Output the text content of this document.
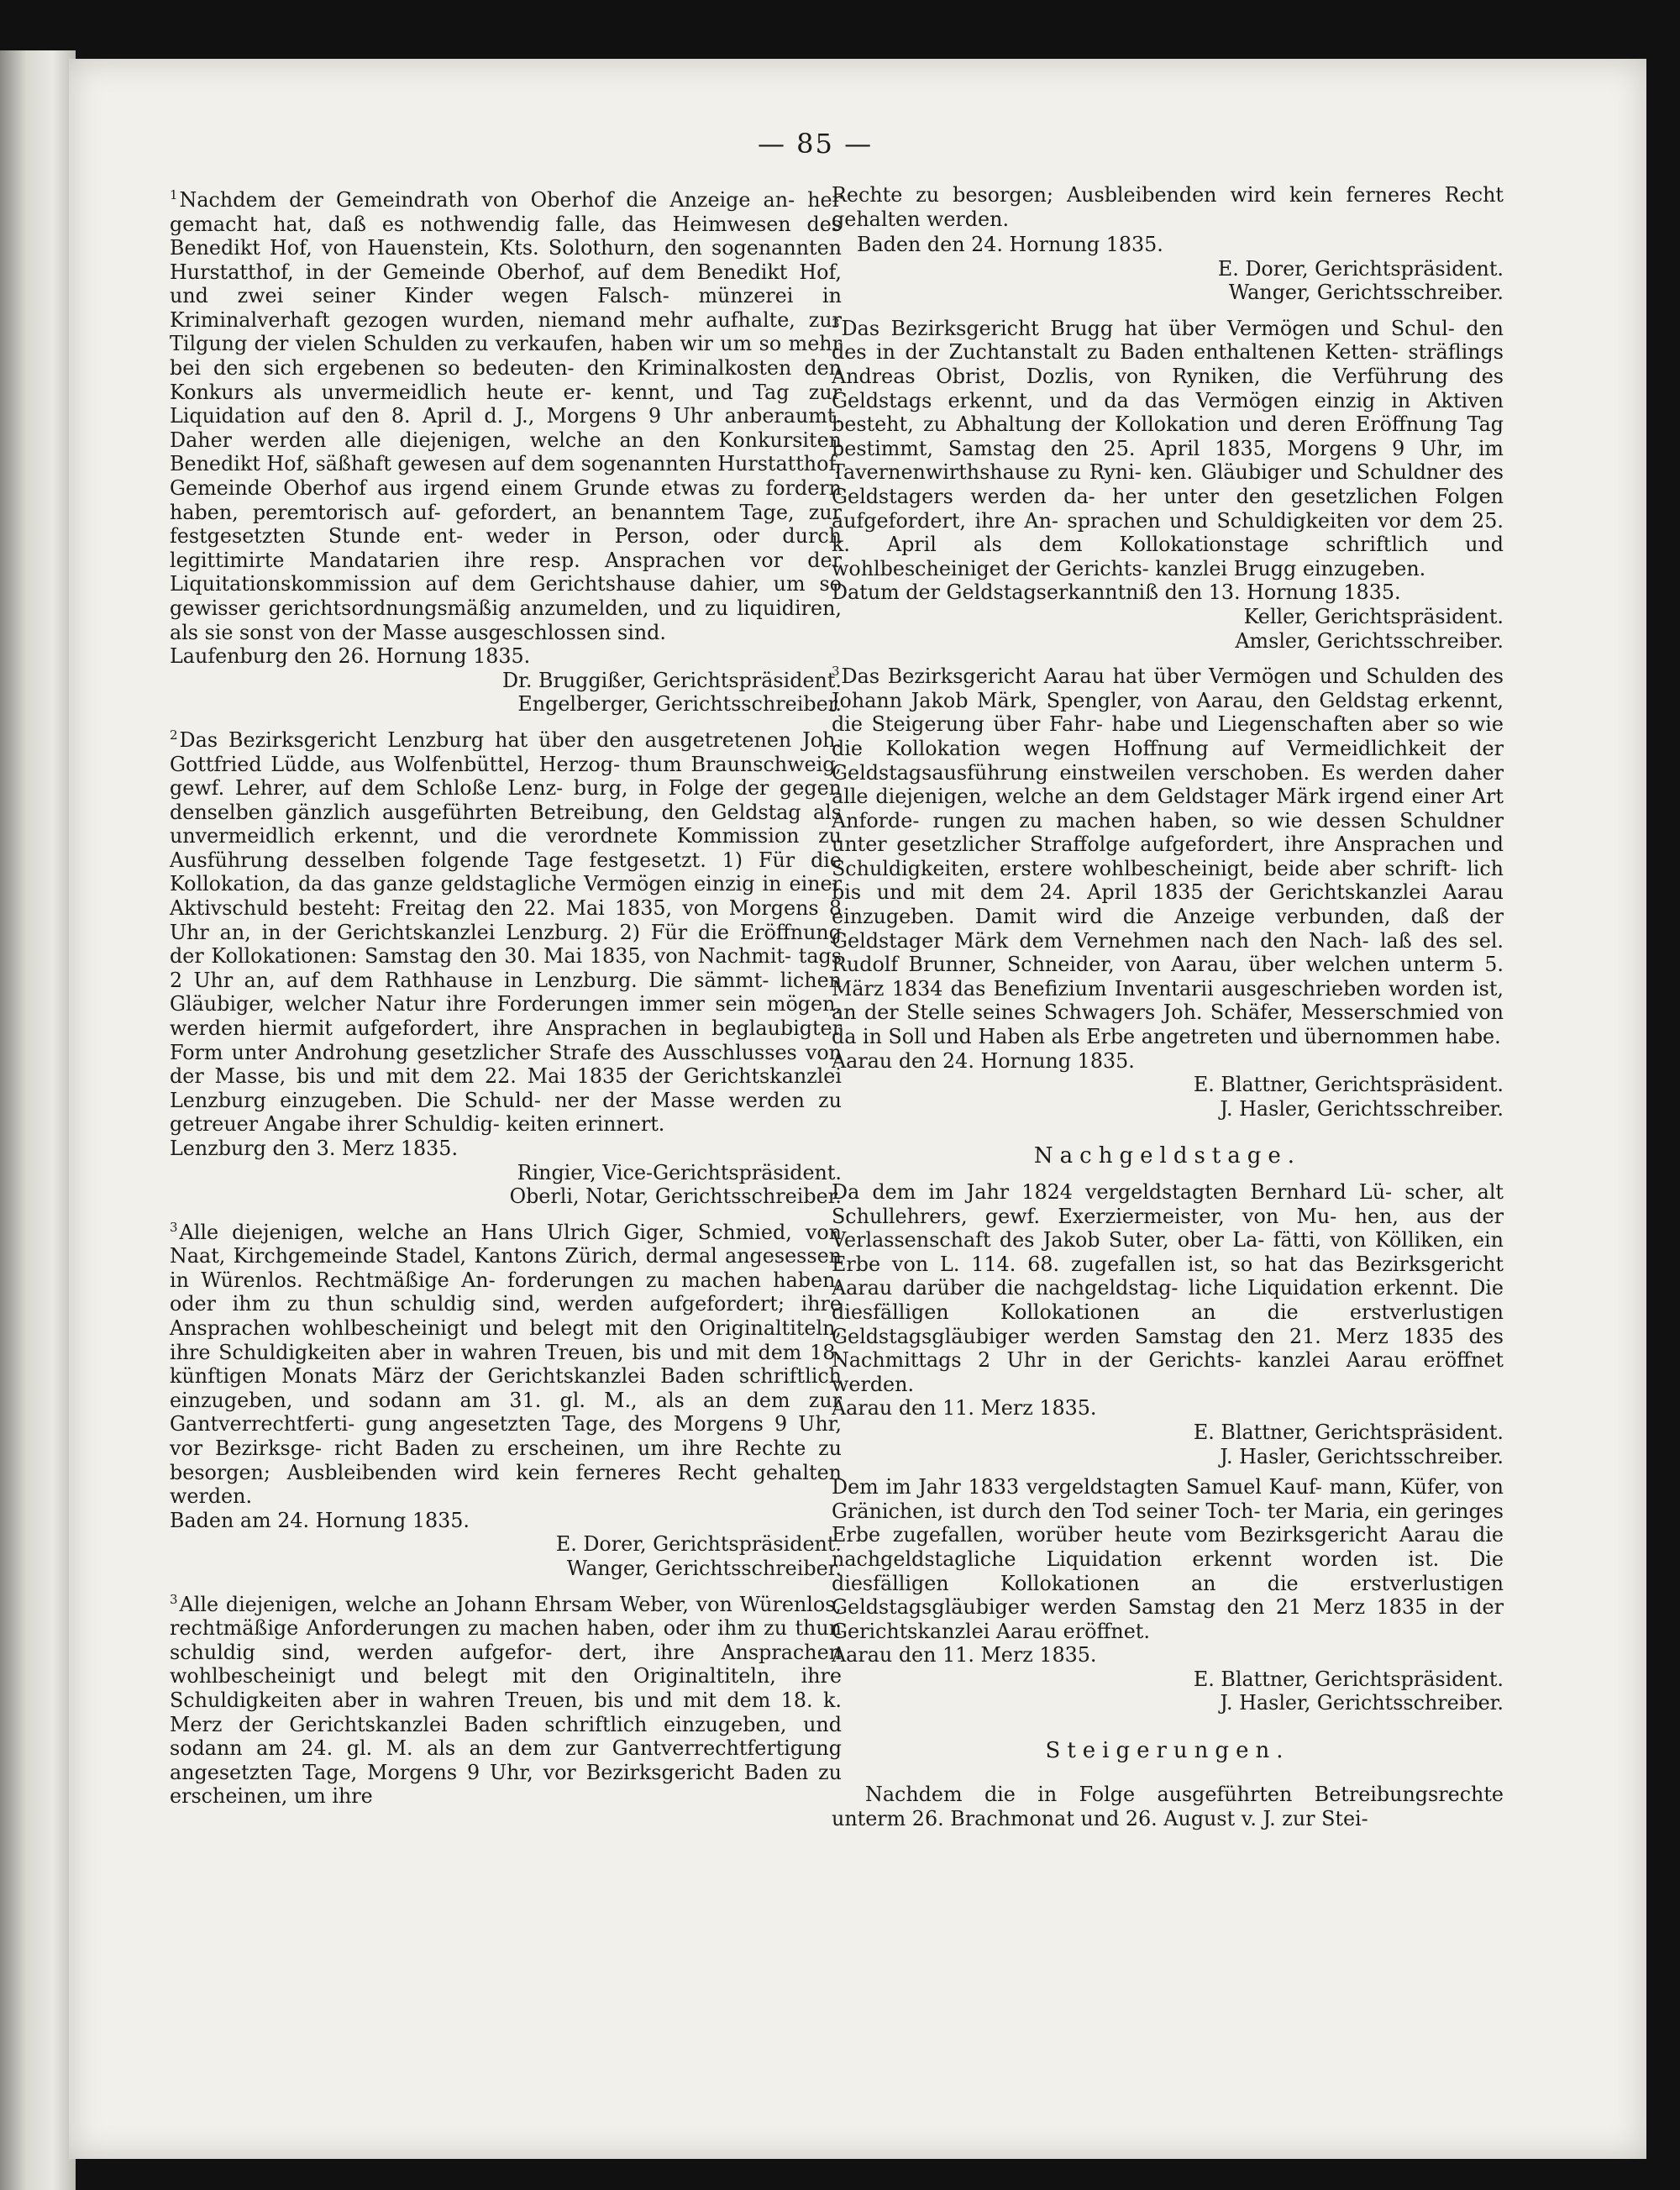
— 85 —

1 Nachdem der Gemeindrath von Oberhof die Anzeige an- her gemacht hat, daß es nothwendig falle, das Heimwesen des Benedikt Hof, von Hauenstein, Kts. Solothurn, den sogenannten Hurstatthof, in der Gemeinde Oberhof, auf dem Benedikt Hof, und zwei seiner Kinder wegen Falsch- münzerei in Kriminalverhaft gezogen wurden, niemand mehr aufhalte, zur Tilgung der vielen Schulden zu verkaufen, haben wir um so mehr bei den sich ergebenen so bedeuten- den Kriminalkosten den Konkurs als unvermeidlich heute er- kennt, und Tag zur Liquidation auf den 8. April d. J., Morgens 9 Uhr anberaumt. Daher werden alle diejenigen, welche an den Konkursiten Benedikt Hof, säßhaft gewesen auf dem sogenannten Hurstatthof, Gemeinde Oberhof aus irgend einem Grunde etwas zu fordern haben, peremtorisch auf- gefordert, an benanntem Tage, zur festgesetzten Stunde ent- weder in Person, oder durch legittimirte Mandatarien ihre resp. Ansprachen vor der Liquitationskommission auf dem Gerichtshause dahier, um so gewisser gerichtsordnungsmäßig anzumelden, und zu liquidiren, als sie sonst von der Masse ausgeschlossen sind.

Laufenburg den 26. Hornung 1835.

Dr. Bruggißer, Gerichtspräsident.

Engelberger, Gerichtsschreiber.

2 Das Bezirksgericht Lenzburg hat über den ausgetretenen Joh. Gottfried Lüdde, aus Wolfenbüttel, Herzog- thum Braunschweig, gewf. Lehrer, auf dem Schloße Lenz- burg, in Folge der gegen denselben gänzlich ausgeführten Betreibung, den Geldstag als unvermeidlich erkennt, und die verordnete Kommission zu Ausführung desselben folgende Tage festgesetzt. 1) Für die Kollokation, da das ganze geldstagliche Vermögen einzig in einer Aktivschuld besteht: Freitag den 22. Mai 1835, von Morgens 8 Uhr an, in der Gerichtskanzlei Lenzburg. 2) Für die Eröffnung der Kollokationen: Samstag den 30. Mai 1835, von Nachmit- tags 2 Uhr an, auf dem Rathhause in Lenzburg. Die sämmt- lichen Gläubiger, welcher Natur ihre Forderungen immer sein mögen, werden hiermit aufgefordert, ihre Ansprachen in beglaubigter Form unter Androhung gesetzlicher Strafe des Ausschlusses von der Masse, bis und mit dem 22. Mai 1835 der Gerichtskanzlei Lenzburg einzugeben. Die Schuld- ner der Masse werden zu getreuer Angabe ihrer Schuldig- keiten erinnert.

Lenzburg den 3. Merz 1835.

Ringier, Vice-Gerichtspräsident.

Oberli, Notar, Gerichtsschreiber.

3 Alle diejenigen, welche an Hans Ulrich Giger, Schmied, von Naat, Kirchgemeinde Stadel, Kantons Zürich, dermal angesessen in Würenlos. Rechtmäßige An- forderungen zu machen haben, oder ihm zu thun schuldig sind, werden aufgefordert; ihre Ansprachen wohlbescheinigt und belegt mit den Originaltiteln, ihre Schuldigkeiten aber in wahren Treuen, bis und mit dem 18. künftigen Monats März der Gerichtskanzlei Baden schriftlich einzugeben, und sodann am 31. gl. M., als an dem zur Gantverrechtferti- gung angesetzten Tage, des Morgens 9 Uhr, vor Bezirksge- richt Baden zu erscheinen, um ihre Rechte zu besorgen; Ausbleibenden wird kein ferneres Recht gehalten werden.

Baden am 24. Hornung 1835.

E. Dorer, Gerichtspräsident.

Wanger, Gerichtsschreiber.

3 Alle diejenigen, welche an Johann Ehrsam Weber, von Würenlos, rechtmäßige Anforderungen zu machen haben, oder ihm zu thun schuldig sind, werden aufgefor- dert, ihre Ansprachen wohlbescheinigt und belegt mit den Originaltiteln, ihre Schuldigkeiten aber in wahren Treuen, bis und mit dem 18. k. Merz der Gerichtskanzlei Baden schriftlich einzugeben, und sodann am 24. gl. M. als an dem zur Gantverrechtfertigung angesetzten Tage, Morgens 9 Uhr, vor Bezirksgericht Baden zu erscheinen, um ihre

Rechte zu besorgen; Ausbleibenden wird kein ferneres Recht gehalten werden.

Baden den 24. Hornung 1835.

E. Dorer, Gerichtspräsident.

Wanger, Gerichtsschreiber.

3 Das Bezirksgericht Brugg hat über Vermögen und Schul- den des in der Zuchtanstalt zu Baden enthaltenen Ketten- sträflings Andreas Obrist, Dozlis, von Ryniken, die Verführung des Geldstags erkennt, und da das Vermögen einzig in Aktiven besteht, zu Abhaltung der Kollokation und deren Eröffnung Tag bestimmt, Samstag den 25. April 1835, Morgens 9 Uhr, im Tavernenwirthshause zu Ryni- ken. Gläubiger und Schuldner des Geldstagers werden da- her unter den gesetzlichen Folgen aufgefordert, ihre An- sprachen und Schuldigkeiten vor dem 25. k. April als dem Kollokationstage schriftlich und wohlbescheiniget der Gerichts- kanzlei Brugg einzugeben.

Datum der Geldstagserkanntniß den 13. Hornung 1835.

Keller, Gerichtspräsident.

Amsler, Gerichtsschreiber.

3 Das Bezirksgericht Aarau hat über Vermögen und Schulden des Johann Jakob Märk, Spengler, von Aarau, den Geldstag erkennt, die Steigerung über Fahr- habe und Liegenschaften aber so wie die Kollokation wegen Hoffnung auf Vermeidlichkeit der Geldstagsausführung einstweilen verschoben. Es werden daher alle diejenigen, welche an dem Geldstager Märk irgend einer Art Anforde- rungen zu machen haben, so wie dessen Schuldner unter gesetzlicher Straffolge aufgefordert, ihre Ansprachen und Schuldigkeiten, erstere wohlbescheinigt, beide aber schrift- lich bis und mit dem 24. April 1835 der Gerichtskanzlei Aarau einzugeben. Damit wird die Anzeige verbunden, daß der Geldstager Märk dem Vernehmen nach den Nach- laß des sel. Rudolf Brunner, Schneider, von Aarau, über welchen unterm 5. März 1834 das Benefizium Inventarii ausgeschrieben worden ist, an der Stelle seines Schwagers Joh. Schäfer, Messerschmied von da in Soll und Haben als Erbe angetreten und übernommen habe.

Aarau den 24. Hornung 1835.

E. Blattner, Gerichtspräsident.

J. Hasler, Gerichtsschreiber.

Nachgeldstage.

Da dem im Jahr 1824 vergeldstagten Bernhard Lü- scher, alt Schullehrers, gewf. Exerziermeister, von Mu- hen, aus der Verlassenschaft des Jakob Suter, ober La- fätti, von Kölliken, ein Erbe von L. 114. 68. zugefallen ist, so hat das Bezirksgericht Aarau darüber die nachgeldstag- liche Liquidation erkennt. Die diesfälligen Kollokationen an die erstverlustigen Geldstagsgläubiger werden Samstag den 21. Merz 1835 des Nachmittags 2 Uhr in der Gerichts- kanzlei Aarau eröffnet werden.

Aarau den 11. Merz 1835.

E. Blattner, Gerichtspräsident.

J. Hasler, Gerichtsschreiber.

Dem im Jahr 1833 vergeldstagten Samuel Kauf- mann, Küfer, von Gränichen, ist durch den Tod seiner Toch- ter Maria, ein geringes Erbe zugefallen, worüber heute vom Bezirksgericht Aarau die nachgeldstagliche Liquidation erkennt worden ist. Die diesfälligen Kollokationen an die erstverlustigen Geldstagsgläubiger werden Samstag den 21 Merz 1835 in der Gerichtskanzlei Aarau eröffnet.

Aarau den 11. Merz 1835.

E. Blattner, Gerichtspräsident.

J. Hasler, Gerichtsschreiber.

Steigerungen.

Nachdem die in Folge ausgeführten Betreibungsrechte unterm 26. Brachmonat und 26. August v. J. zur Stei-
